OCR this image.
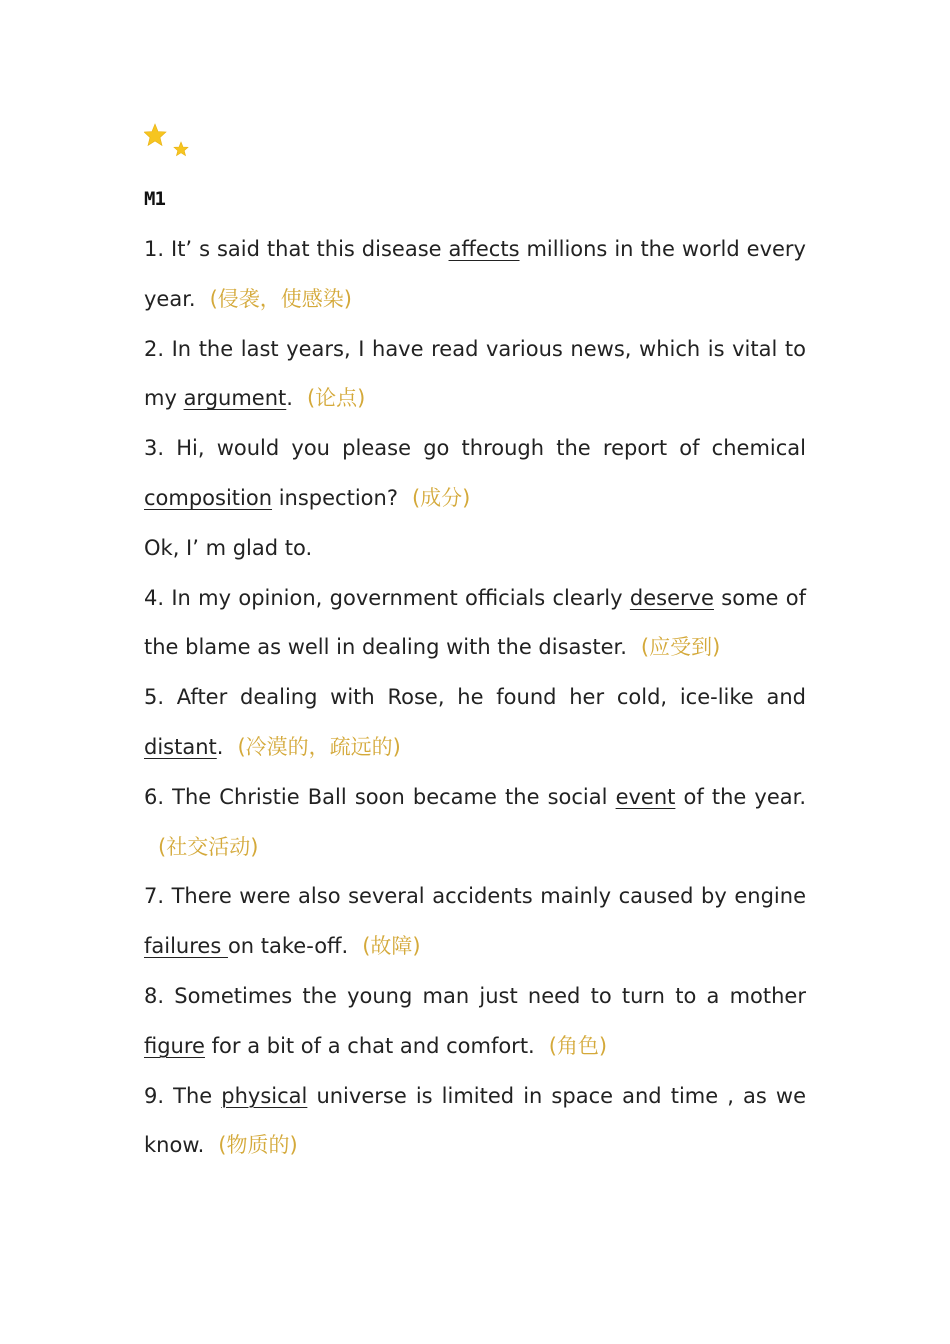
M1

1. It’ s said that this disease affects millions in the world every year. (侵袭，使感染)

2. In the last years, I have read various news, which is vital to my argument. (论点)

3. Hi, would you please go through the report of chemical composition inspection? (成分)

Ok, I’ m glad to.

4. In my opinion, government officials clearly deserve some of the blame as well in dealing with the disaster. (应受到)

5. After dealing with Rose, he found her cold, ice-like and distant. (冷漠的，疏远的)

6. The Christie Ball soon became the social event of the year.(社交活动)

7. There were also several accidents mainly caused by engine failures on take-off. (故障)

8. Sometimes the young man just need to turn to a mother figure for a bit of a chat and comfort. (角色)

9. The physical universe is limited in space and time , as we know. (物质的)
